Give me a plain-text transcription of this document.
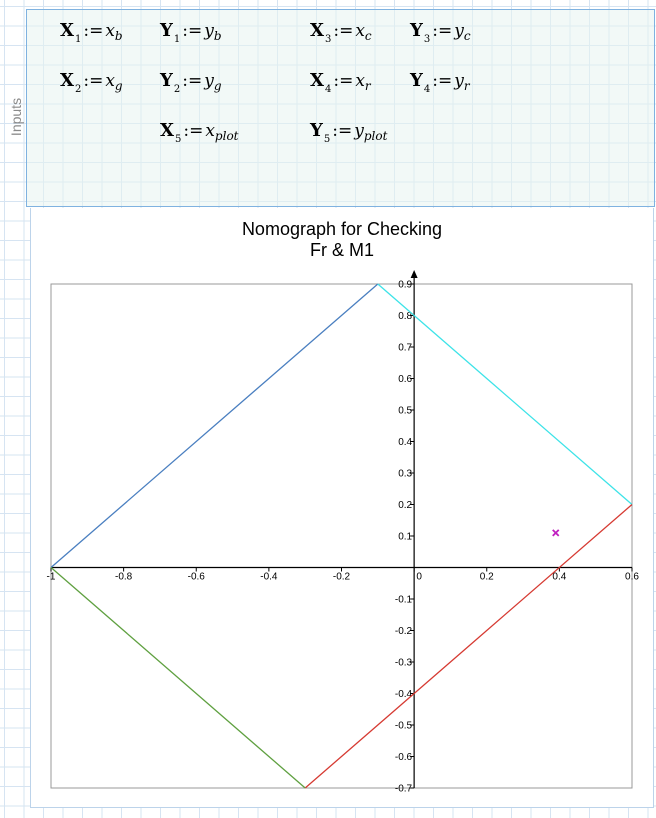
Inputs
$X_1$ := $x_b$ $Y_1$ := $y_b$	$X_3$ := $x_c$ $Y_3$ := $y_c$
$X_2$ := $x_g$ $Y_2$ := $y_g$	$X_4$ := $x_r$ $Y_4$ := $y_r$
$X_5$ := $x_{plot}$	$Y_5$ := $y_{plot}$
Nomograph for Checking
Fr & M1
-1	-0.8	-0.6	-0.4	-0.2	0	0.2	0.4	0.6
0.9
0.8
0.7
0.6
0.5
0.4
0.3
0.2
0.1
-0.1
-0.2
-0.3
-0.4
-0.5
-0.6
-0.7
